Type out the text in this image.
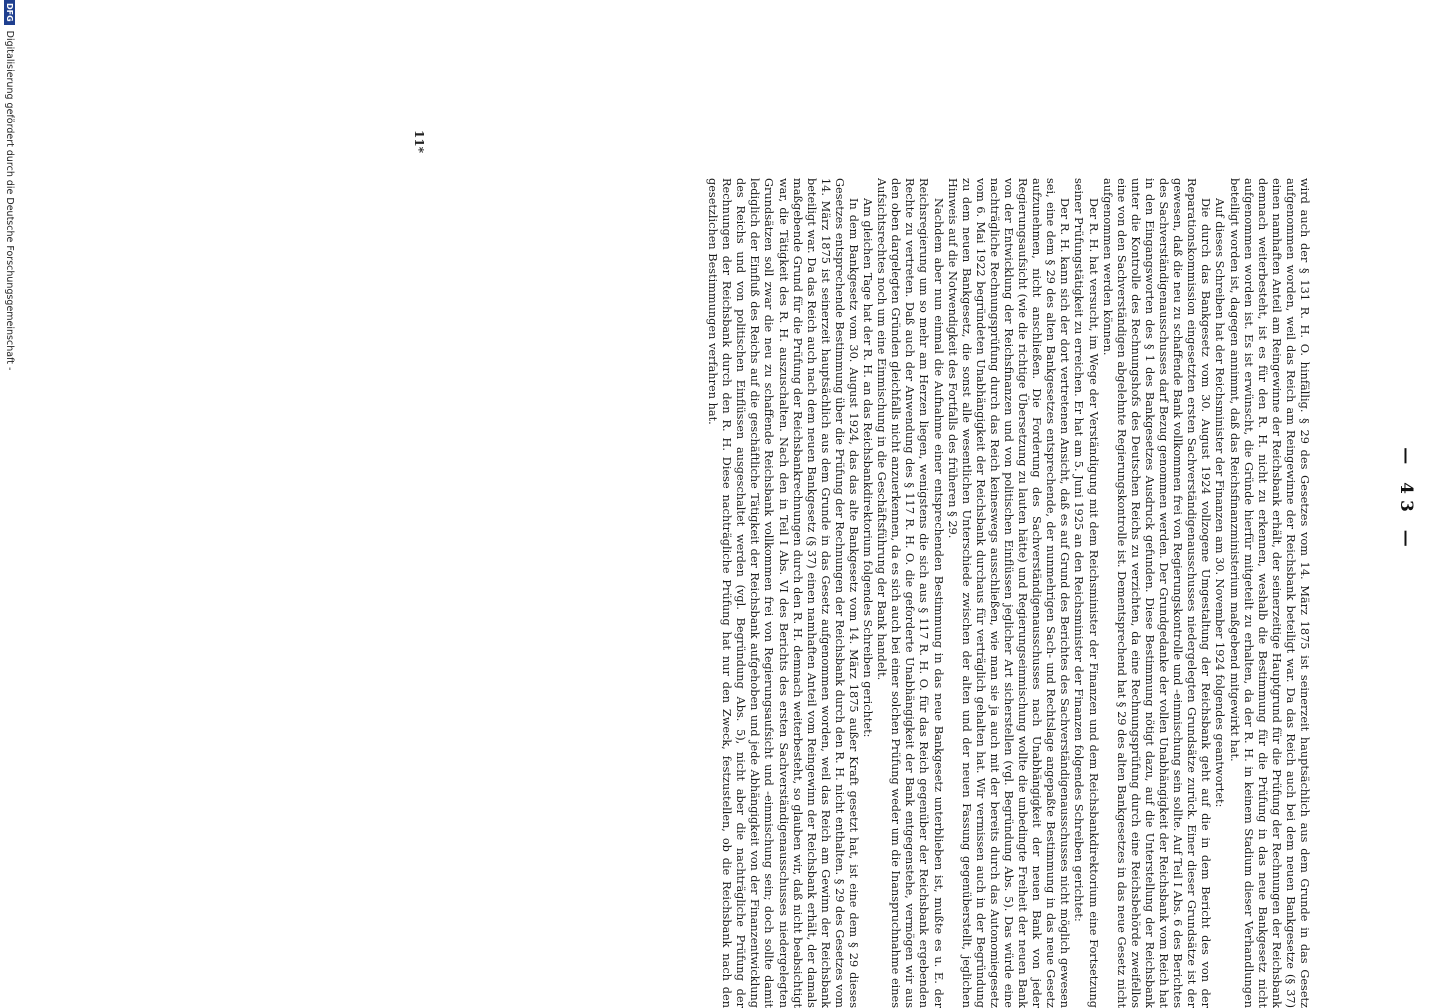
— 43 —

wird auch der § 131 R. H. O. hinfällig. § 29 des Gesetzes vom 14. März 1875 ist seinerzeit hauptsächlich aus dem Grunde in das Gesetz aufgenommen worden, weil das Reich am Reingewinne der Reichsbank beteiligt war. Da das Reich auch bei dem neuen Bankgesetze (§ 37) einen namhaften Anteil am Reingewinne der Reichsbank erhält, der seinerzeitige Hauptgrund für die Prüfung der Rechnungen der Reichsbank demnach weiterbesteht, ist es für den R. H. nicht zu erkennen, weshalb die Bestimmung für die Prüfung in das neue Bankgesetz nicht aufgenommen worden ist. Es ist erwünscht, die Gründe hierfür mitgeteilt zu erhalten, da der R. H. in keinem Stadium dieser Verhandlungen beteiligt worden ist, dagegen annimmt, daß das Reichsfinanzministerium maßgebend mitgewirkt hat.

Auf dieses Schreiben hat der Reichsminister der Finanzen am 30. November 1924 folgendes geantwortet:

Die durch das Bankgesetz vom 30. August 1924 vollzogene Umgestaltung der Reichsbank geht auf die in dem Bericht des von der Reparationskommission eingesetzten ersten Sachverständigenausschusses niedergelegten Grundsätze zurück. Einer dieser Grundsätze ist der gewesen, daß die neu zu schaffende Bank vollkommen frei von Regierungskontrolle und -einmischung sein sollte. Auf Teil I Abs. 6 des Berichtes des Sachverständigenausschusses darf Bezug genommen werden. Der Grundgedanke der vollen Unabhängigkeit der Reichsbank vom Reich hat in den Eingangsworten des § 1 des Bankgesetzes Ausdruck gefunden. Diese Bestimmung nötigt dazu, auf die Unterstellung der Reichsbank unter die Kontrolle des Rechnungshofs des Deutschen Reichs zu verzichten, da eine Rechnungsprüfung durch eine Reichsbehörde zweifellos eine von den Sachverständigen abgelehnte Regierungskontrolle ist. Dementsprechend hat § 29 des alten Bankgesetzes in das neue Gesetz nicht aufgenommen werden können.

Der R. H. hat versucht, im Wege der Verständigung mit dem Reichsminister der Finanzen und dem Reichsbankdirektorium eine Fortsetzung seiner Prüfungstätigkeit zu erreichen. Er hat am 5. Juni 1925 an den Reichsminister der Finanzen folgendes Schreiben gerichtet:

Der R. H. kann sich der dort vertretenen Ansicht, daß es auf Grund des Berichtes des Sachverständigenausschusses nicht möglich gewesen sei, eine dem § 29 des alten Bankgesetzes entsprechende, der nunmehrigen Sach- und Rechtslage angepaßte Bestimmung in das neue Gesetz aufzunehmen, nicht anschließen. Die Forderung des Sachverständigenausschusses nach Unabhängigkeit der neuen Bank von jeder Regierungsaufsicht (wie die richtige Übersetzung zu lauten hätte) und Regierungseinmischung wollte die unbedingte Freiheit der neuen Bank von der Entwicklung der Reichsfinanzen und von politischen Einflüssen jeglicher Art sicherstellen (vgl. Begründung Abs. 5). Das würde eine nachträgliche Rechnungsprüfung durch das Reich keineswegs ausschließen, wie man sie ja auch mit der bereits durch das Autonomiegesetz vom 6. Mai 1922 begründeten Unabhängigkeit der Reichsbank durchaus für verträglich gehalten hat. Wir vermissen auch in der Begründung zu dem neuen Bankgesetz, die sonst alle wesentlichen Unterschiede zwischen der alten und der neuen Fassung gegenüberstellt, jeglichen Hinweis auf die Notwendigkeit des Fortfalls des früheren § 29.

Nachdem aber nun einmal die Aufnahme einer entsprechenden Bestimmung in das neue Bankgesetz unterblieben ist, mußte es u. E. der Reichsregierung um so mehr am Herzen liegen, wenigstens die sich aus § 117 R. H. O. für das Reich gegenüber der Reichsbank ergebenden Rechte zu vertreten. Daß auch der Anwendung des § 117 R. H. O. die geforderte Unabhängigkeit der Bank entgegenstehe, vermögen wir aus den oben dargelegten Gründen gleichfalls nicht anzuerkennen, da es sich auch bei einer solchen Prüfung weder um die Inanspruchnahme eines Aufsichtsrechtes noch um eine Einmischung in die Geschäftsführung der Bank handelt.

Am gleichen Tage hat der R. H. an das Reichsbankdirektorium folgendes Schreiben gerichtet:

In dem Bankgesetz vom 30. August 1924, das das alte Bankgesetz vom 14. März 1875 außer Kraft gesetzt hat, ist eine dem § 29 dieses Gesetzes entsprechende Bestimmung über die Prüfung der Rechnungen der Reichsbank durch den R. H. nicht enthalten. § 29 des Gesetzes vom 14. März 1875 ist seinerzeit hauptsächlich aus dem Grunde in das Gesetz aufgenommen worden, weil das Reich am Gewinn der Reichsbank beteiligt war. Da das Reich auch nach dem neuen Bankgesetz (§ 37) einen namhaften Anteil vom Reingewinn der Reichsbank erhält, der damals maßgebende Grund für die Prüfung der Reichsbankrechnungen durch den R. H. demnach weiterbesteht, so glauben wir, daß nicht beabsichtigt war, die Tätigkeit des R. H. auszuschalten. Nach den in Teil I Abs. VI des Berichts des ersten Sachverständigenausschusses niedergelegten Grundsätzen soll zwar die neu zu schaffende Reichsbank vollkommen frei von Regierungsaufsicht und -einmischung sein; doch sollte damit lediglich der Einfluß des Reichs auf die geschäftliche Tätigkeit der Reichsbank aufgehoben und jede Abhängigkeit von der Finanzentwicklung des Reichs und von politischen Einflüssen ausgeschaltet werden (vgl. Begründung Abs. 5), nicht aber die nachträgliche Prüfung der Rechnungen der Reichsbank durch den R. H. Diese nachträgliche Prüfung hat nur den Zweck, festzustellen, ob die Reichsbank nach den gesetzlichen Bestimmungen verfahren hat.

11*
DFG
Digitalisierung gefördert durch die Deutsche Forschungsgemeinschaft -
